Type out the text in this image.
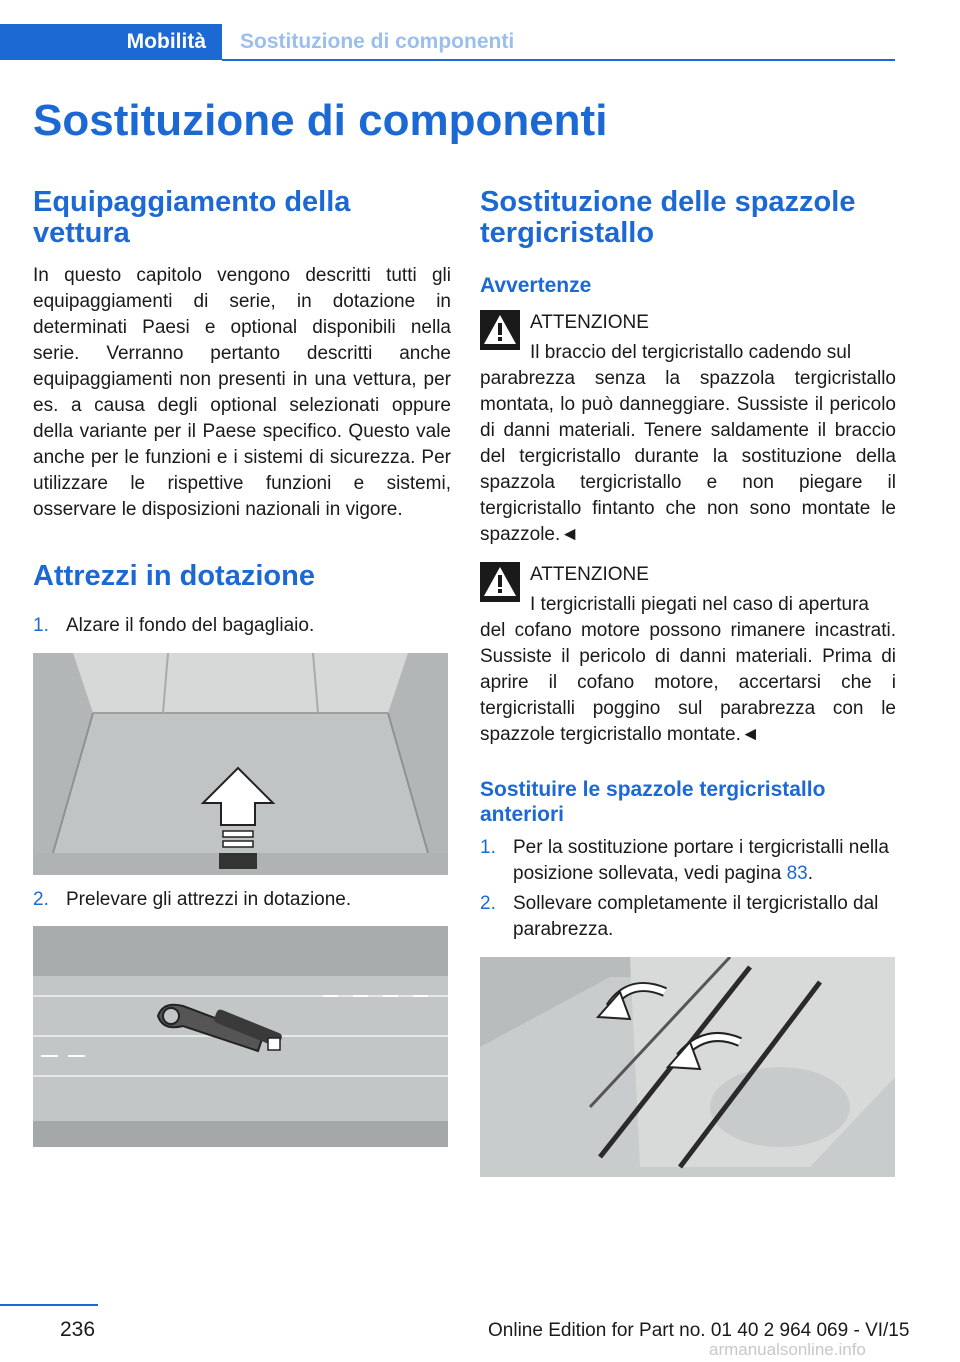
Mobilità	Sostituzione di componenti
Sostituzione di componenti
Equipaggiamento della vettura

In questo capitolo vengono descritti tutti gli equipaggiamenti di serie, in dotazione in determinati Paesi e optional disponibili nella serie. Verranno pertanto descritti anche equipaggiamenti non presenti in una vettura, per es. a causa degli optional selezionati oppure della variante per il Paese specifico. Questo vale anche per le funzioni e i sistemi di sicurezza. Per utilizzare le rispettive funzioni e sistemi, osservare le disposizioni nazionali in vigore.

Attrezzi in dotazione
1. Alzare il fondo del bagagliaio.
2. Prelevare gli attrezzi in dotazione.
Sostituzione delle spazzole tergicristallo
Avvertenze
ATTENZIONE
Il braccio del tergicristallo cadendo sul

parabrezza senza la spazzola tergicristallo montata, lo può danneggiare. Sussiste il pericolo di danni materiali. Tenere saldamente il braccio del tergicristallo durante la sostituzione della spazzola tergicristallo e non piegare il tergicristallo fintanto che non sono montate le spazzole.◄

ATTENZIONE
I tergicristalli piegati nel caso di apertura

del cofano motore possono rimanere incastrati. Sussiste il pericolo di danni materiali. Prima di aprire il cofano motore, accertarsi che i tergicristalli poggino sul parabrezza con le spazzole tergicristallo montate.◄

Sostituire le spazzole tergicristallo anteriori
1. Per la sostituzione portare i tergicristalli nella posizione sollevata, vedi pagina 83.
2. Sollevare completamente il tergicristallo dal parabrezza.
236	Online Edition for Part no. 01 40 2 964 069 - VI/15
armanualsonline.info
